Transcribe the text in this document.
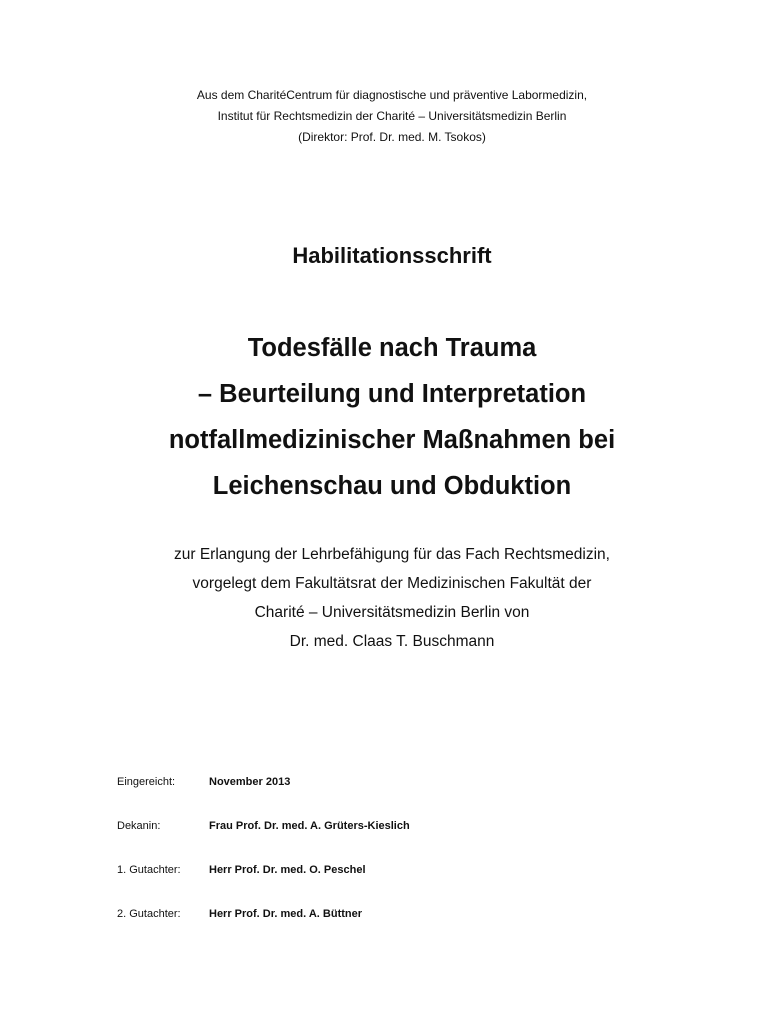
Aus dem CharitéCentrum für diagnostische und präventive Labormedizin,
Institut für Rechtsmedizin der Charité – Universitätsmedizin Berlin
(Direktor: Prof. Dr. med. M. Tsokos)
Habilitationsschrift
Todesfälle nach Trauma
– Beurteilung und Interpretation
notfallmedizinischer Maßnahmen bei
Leichenschau und Obduktion
zur Erlangung der Lehrbefähigung für das Fach Rechtsmedizin,
vorgelegt dem Fakultätsrat der Medizinischen Fakultät der
Charité – Universitätsmedizin Berlin von
Dr. med. Claas T. Buschmann
Eingereicht:	November 2013
Dekanin:	Frau Prof. Dr. med. A. Grüters-Kieslich
1. Gutachter:	Herr Prof. Dr. med. O. Peschel
2. Gutachter:	Herr Prof. Dr. med. A. Büttner
